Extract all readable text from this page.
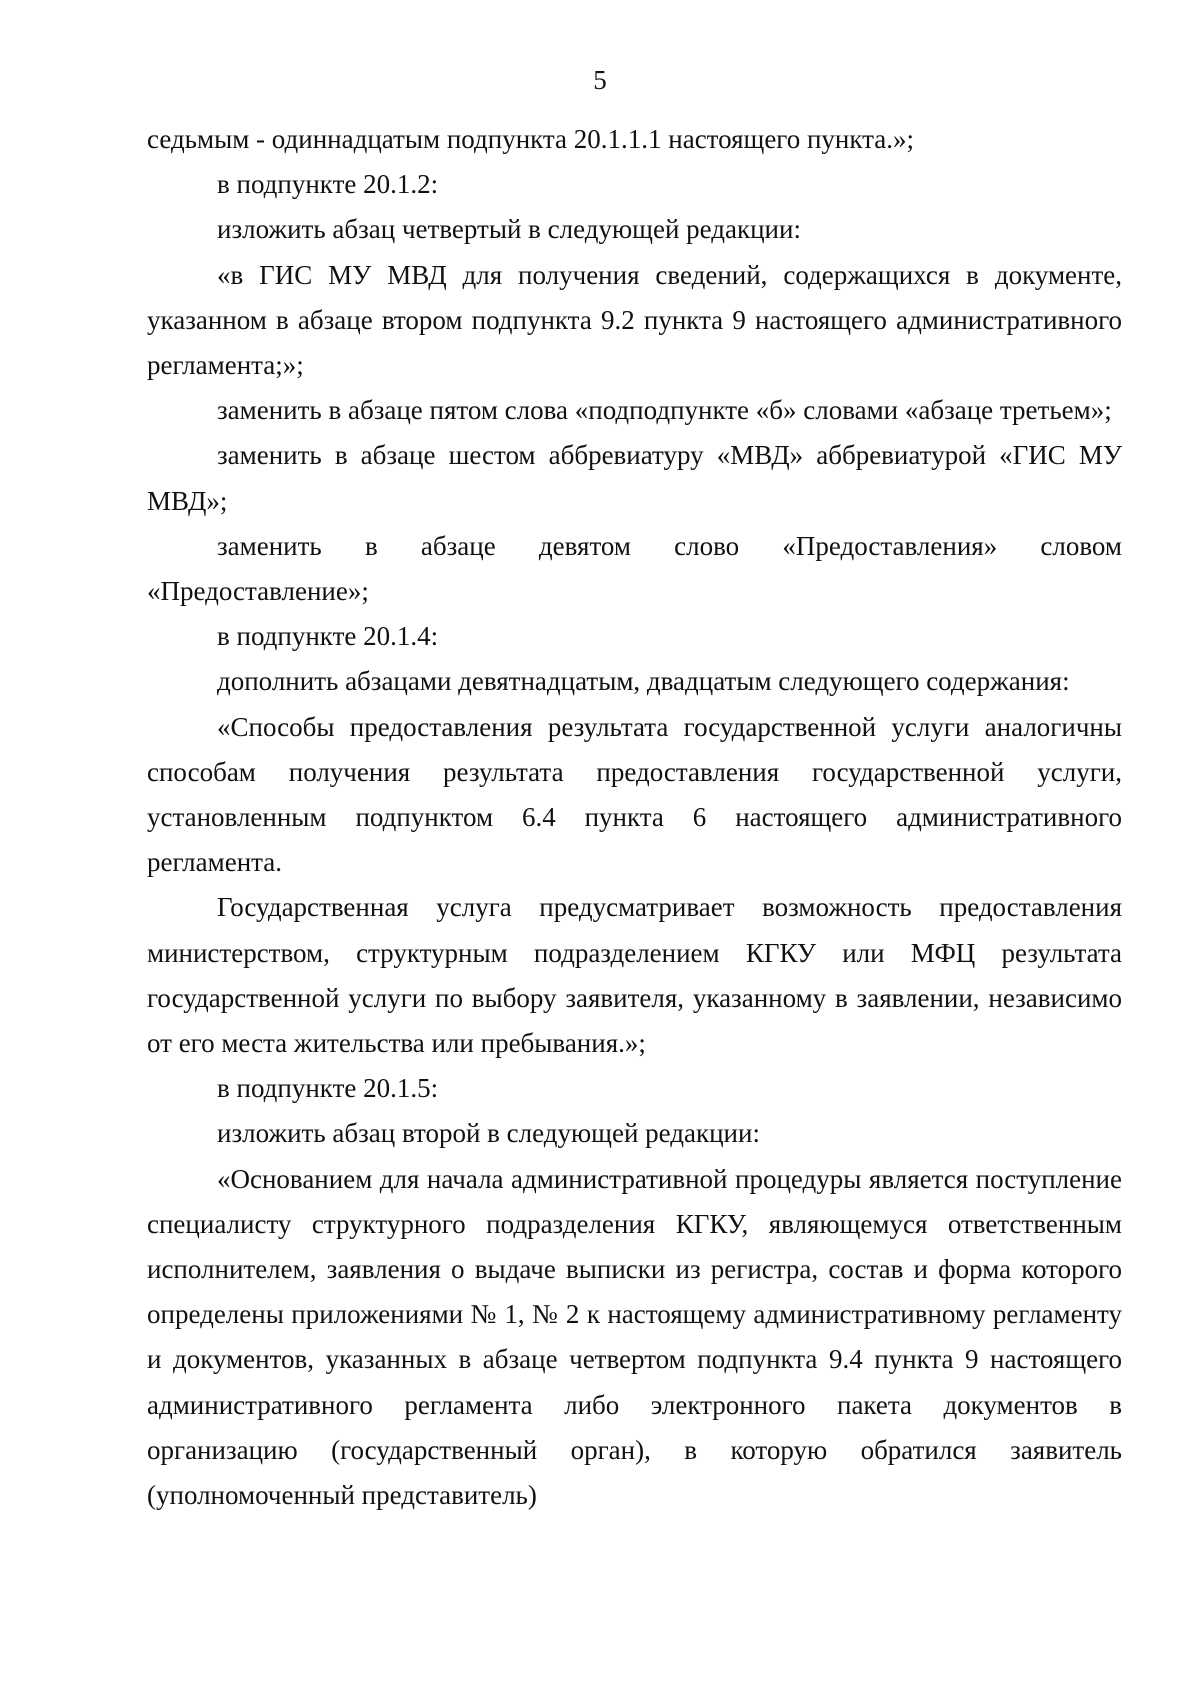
5

седьмым - одиннадцатым подпункта 20.1.1.1 настоящего пункта.»;

в подпункте 20.1.2:

изложить абзац четвертый в следующей редакции:

«в ГИС МУ МВД для получения сведений, содержащихся в документе, указанном в абзаце втором подпункта 9.2 пункта 9 настоящего административного регламента;»;

заменить в абзаце пятом слова «подподпункте «б» словами «абзаце третьем»;

заменить в абзаце шестом аббревиатуру «МВД» аббревиатурой «ГИС МУ МВД»;

заменить в абзаце девятом слово «Предоставления» словом «Предоставление»;

в подпункте 20.1.4:

дополнить абзацами девятнадцатым, двадцатым следующего содержания:

«Способы предоставления результата государственной услуги аналогичны способам получения результата предоставления государственной услуги, установленным подпунктом 6.4 пункта 6 настоящего административного регламента.

Государственная услуга предусматривает возможность предоставления министерством, структурным подразделением КГКУ или МФЦ результата государственной услуги по выбору заявителя, указанному в заявлении, независимо от его места жительства или пребывания.»;

в подпункте 20.1.5:

изложить абзац второй в следующей редакции:

«Основанием для начала административной процедуры является поступление специалисту структурного подразделения КГКУ, являющемуся ответственным исполнителем, заявления о выдаче выписки из регистра, состав и форма которого определены приложениями № 1, № 2 к настоящему административному регламенту и документов, указанных в абзаце четвертом подпункта 9.4 пункта 9 настоящего административного регламента либо электронного пакета документов в организацию (государственный орган), в которую обратился заявитель (уполномоченный представитель)
